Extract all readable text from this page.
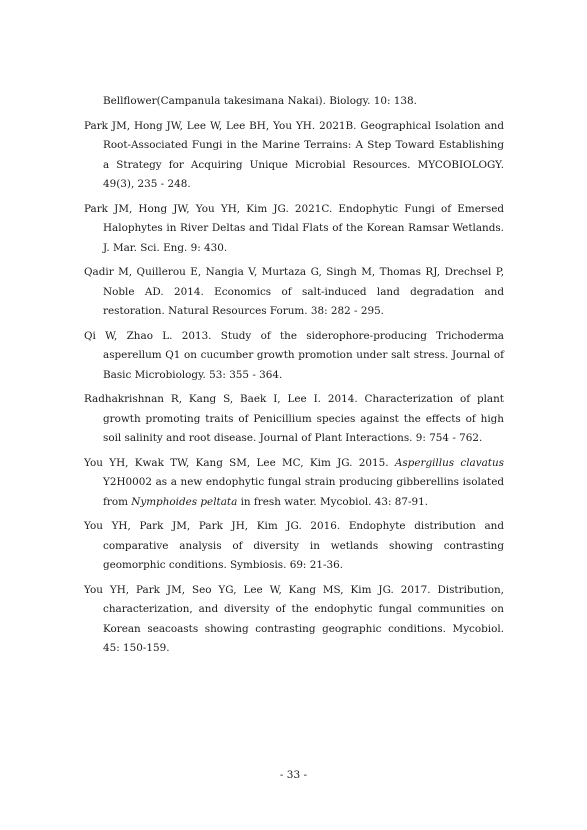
Bellflower(Campanula takesimana Nakai). Biology. 10: 138.

Park JM, Hong JW, Lee W, Lee BH, You YH. 2021B. Geographical Isolation and Root-Associated Fungi in the Marine Terrains: A Step Toward Establishing a Strategy for Acquiring Unique Microbial Resources. MYCOBIOLOGY. 49(3), 235 - 248.

Park JM, Hong JW, You YH, Kim JG. 2021C. Endophytic Fungi of Emersed Halophytes in River Deltas and Tidal Flats of the Korean Ramsar Wetlands. J. Mar. Sci. Eng. 9: 430.

Qadir M, Quillerou E, Nangia V, Murtaza G, Singh M, Thomas RJ, Drechsel P, Noble AD. 2014. Economics of salt-induced land degradation and restoration. Natural Resources Forum. 38: 282 - 295.

Qi W, Zhao L. 2013. Study of the siderophore-producing Trichoderma asperellum Q1 on cucumber growth promotion under salt stress. Journal of Basic Microbiology. 53: 355 - 364.

Radhakrishnan R, Kang S, Baek I, Lee I. 2014. Characterization of plant growth promoting traits of Penicillium species against the effects of high soil salinity and root disease. Journal of Plant Interactions. 9: 754 - 762.

You YH, Kwak TW, Kang SM, Lee MC, Kim JG. 2015. Aspergillus clavatus Y2H0002 as a new endophytic fungal strain producing gibberellins isolated from Nymphoides peltata in fresh water. Mycobiol. 43: 87-91.

You YH, Park JM, Park JH, Kim JG. 2016. Endophyte distribution and comparative analysis of diversity in wetlands showing contrasting geomorphic conditions. Symbiosis. 69: 21-36.

You YH, Park JM, Seo YG, Lee W, Kang MS, Kim JG. 2017. Distribution, characterization, and diversity of the endophytic fungal communities on Korean seacoasts showing contrasting geographic conditions. Mycobiol. 45: 150-159.

- 33 -
